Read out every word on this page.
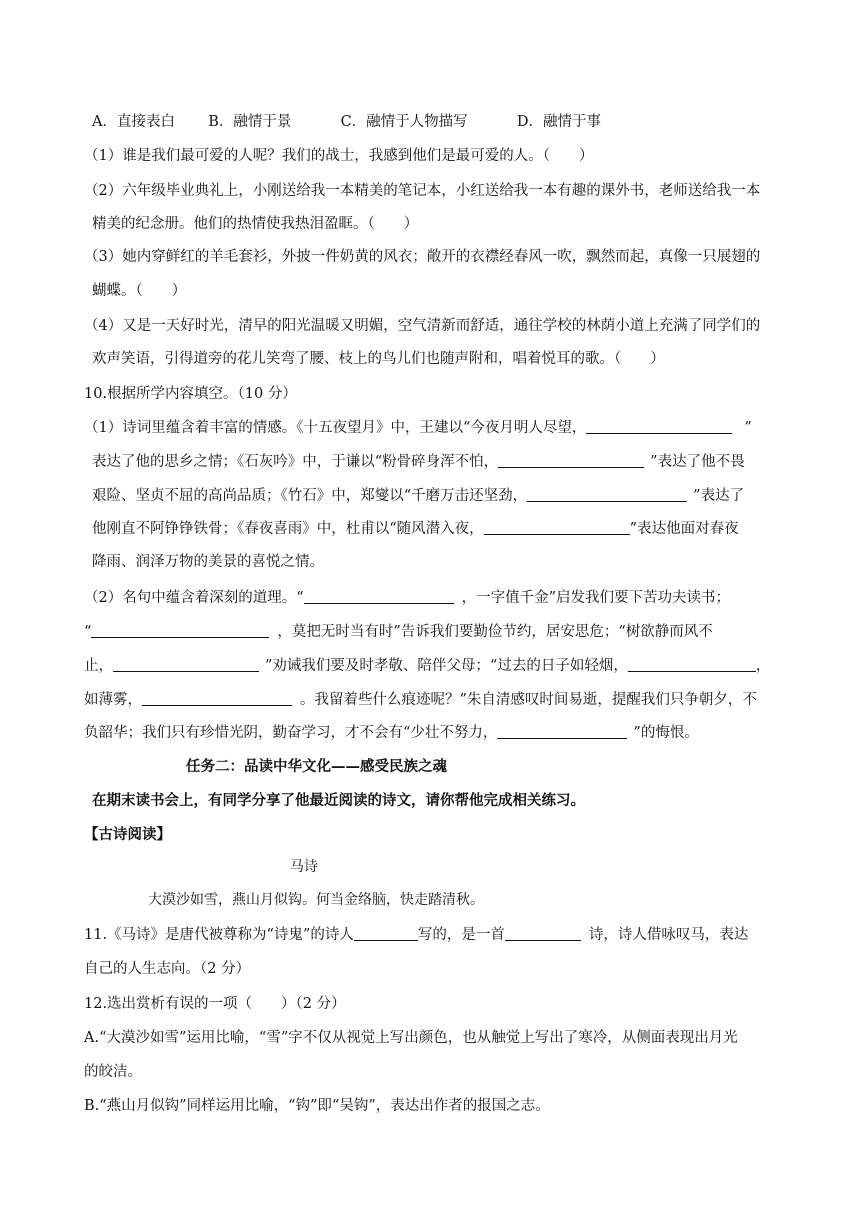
A．直接表白 B．融情于景	C．融情于人物描写	D．融情于事
（1）谁是我们最可爱的人呢？我们的战士，我感到他们是最可爱的人。（　　）
（2）六年级毕业典礼上，小刚送给我一本精美的笔记本，小红送给我一本有趣的课外书，老师送给我一本
精美的纪念册。他们的热情使我热泪盈眶。（　　）
（3）她内穿鲜红的羊毛套衫，外披一件奶黄的风衣；敞开的衣襟经春风一吹，飘然而起，真像一只展翅的
蝴蝶。（　　）
（4）又是一天好时光，清早的阳光温暖又明媚，空气清新而舒适，通往学校的林荫小道上充满了同学们的
欢声笑语，引得道旁的花儿笑弯了腰、枝上的鸟儿们也随声附和，唱着悦耳的歌。（　　）
10.根据所学内容填空。（10 分）
（1）诗词里蕴含着丰富的情感。《十五夜望月》中，王建以“今夜月明人尽望，	”
表达了他的思乡之情；《石灰吟》中，于谦以“粉骨碎身浑不怕，	”表达了他不畏
艰险、坚贞不屈的高尚品质；《竹石》中，郑燮以“千磨万击还坚劲，	”表达了
他刚直不阿铮铮铁骨；《春夜喜雨》中，杜甫以“随风潜入夜，	”表达他面对春夜
降雨、润泽万物的美景的喜悦之情。
（2）名句中蕴含着深刻的道理。“	，一字值千金”启发我们要下苦功夫读书；
“	，莫把无时当有时”告诉我们要勤俭节约，居安思危；“树欲静而风不
止，	”劝诫我们要及时孝敬、陪伴父母；“过去的日子如轻烟，	，
如薄雾，	。我留着些什么痕迹呢？”朱自清感叹时间易逝，提醒我们只争朝夕，不
负韶华；我们只有珍惜光阴，勤奋学习，才不会有“少壮不努力，	”的悔恨。
任务二：品读中华文化——感受民族之魂
在期末读书会上，有同学分享了他最近阅读的诗文，请你帮他完成相关练习。
【古诗阅读】
马诗
大漠沙如雪，燕山月似钩。何当金络脑，快走踏清秋。
11.《马诗》是唐代被尊称为“诗鬼”的诗人	写的，是一首	诗，诗人借咏叹马，表达
自己的人生志向。（2 分）
12.选出赏析有误的一项（　　）（2 分）
A.“大漠沙如雪”运用比喻，“雪”字不仅从视觉上写出颜色，也从触觉上写出了寒冷，从侧面表现出月光
的皎洁。
B.“燕山月似钩”同样运用比喻，“钩”即“吴钩”，表达出作者的报国之志。
